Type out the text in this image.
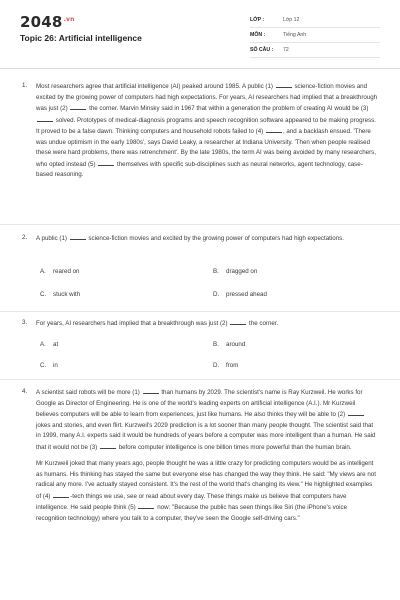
$2048^{.vn}$
Topic 26: Artificial intelligence
LỚP :	Lớp 12
MÔN :	Tiếng Anh
SỐ CÂU :	72
1.	Most researchers agree that artificial intelligence (AI) peaked around 1985. A public (1)	science-fiction movies and excited by the growing power of computers had high expectations. For years, AI researchers had implied that a breakthrough was just (2)	the corner. Marvin Minsky said in 1967 that within a generation the problem of creating AI would be (3)  solved. Prototypes of medical-diagnosis programs and speech recognition software appeared to be making progress. It proved to be a false dawn. Thinking computers and household robots failed to (4)	, and a backlash ensued. 'There was undue optimism in the early 1980s', says David Leaky, a researcher at Indiana University. 'Then when people realised these were hard problems, there was retrenchment'. By the late 1980s, the term AI was being avoided by many researchers, who opted instead (5)	themselves with specific sub-disciplines such as neural networks, agent technology, case-based reasoning.
2.	A public (1)	science-fiction movies and excited by the growing power of computers had high expectations.
A. reared on	B. dragged on
C. stuck with	D. pressed ahead
3.	For years, AI researchers had implied that a breakthrough was just (2)	the corner.
A. at	B. around
C. in	D. from
4.	A scientist said robots will be more (1)	than humans by 2029. The scientist's name is Ray Kurzweil. He works for Google as Director of Engineering. He is one of the world's leading experts on artificial intelligence (A.I.). Mr Kurzweil believes computers will be able to learn from experiences, just like humans. He also thinks they will be able to (2)  jokes and stories, and even flirt. Kurzweil's 2029 prediction is a lot sooner than many people thought. The scientist said that in 1999, many A.I. experts said it would be hundreds of years before a computer was more intelligent than a human. He said that it would not be (3)	before computer intelligence is one billion times more powerful than the human brain.

Mr Kurzweil joked that many years ago, people thought he was a little crazy for predicting computers would be as intelligent as humans. His thinking has stayed the same but everyone else has changed the way they think. He said: "My views are not radical any more. I've actually stayed consistent. It's the rest of the world that's changing its view." He highlighted examples of (4)	-tech things we use, see or read about every day. These things make us believe that computers have intelligence. He said people think (5)	now: "Because the public has seen things like Siri (the iPhone's voice recognition technology) where you talk to a computer, they've seen the Google self-driving cars."
